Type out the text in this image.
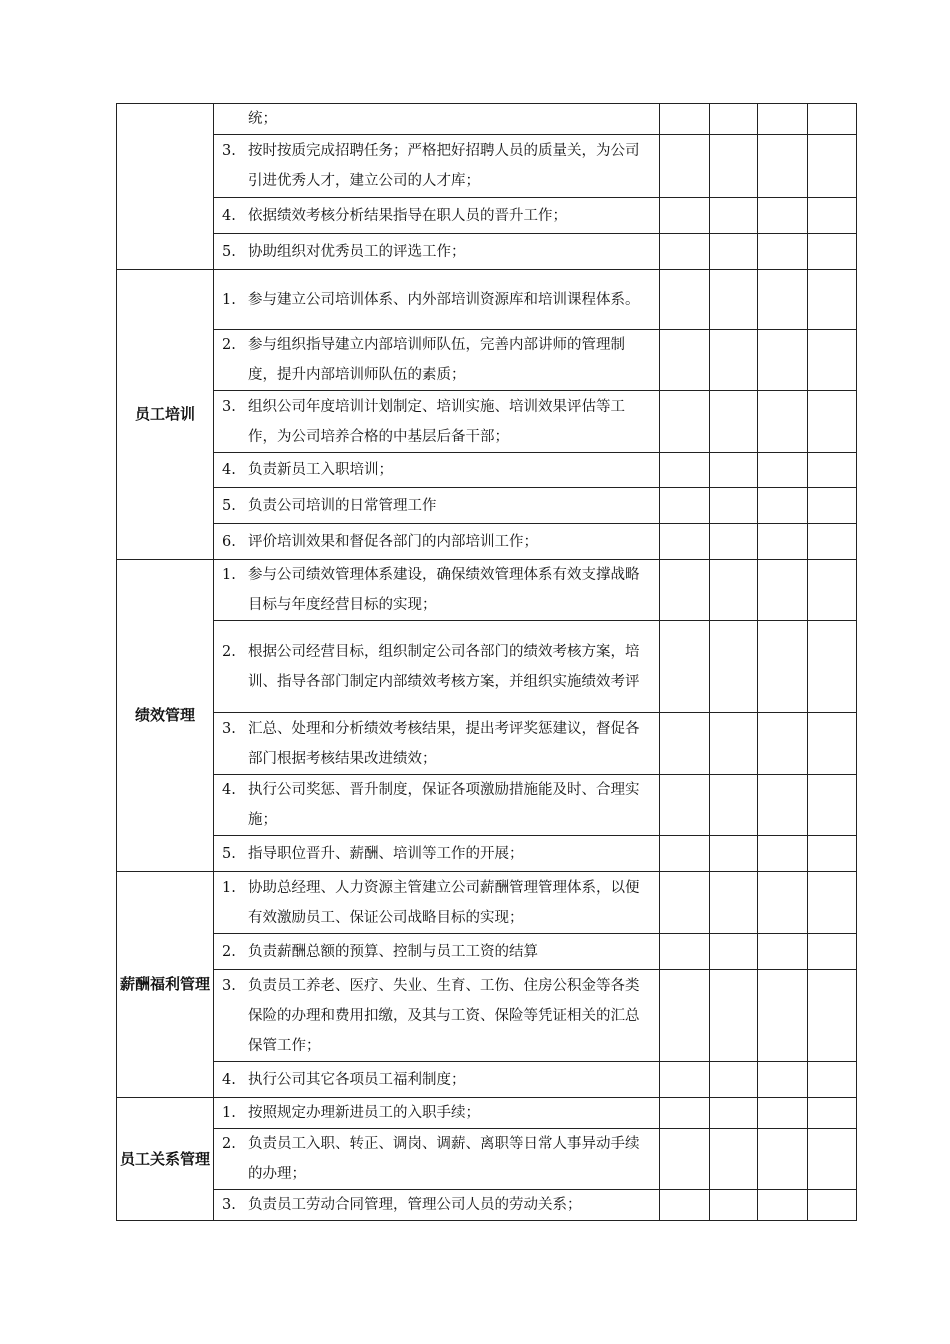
	统；				

	3. 按时按质完成招聘任务；严格把好招聘人员的质量关，为公司引进优秀人才，建立公司的人才库；				

	4. 依据绩效考核分析结果指导在职人员的晋升工作；				

	5. 协助组织对优秀员工的评选工作；				

员工培训	1. 参与建立公司培训体系、内外部培训资源库和培训课程体系。				

	2. 参与组织指导建立内部培训师队伍，完善内部讲师的管理制度，提升内部培训师队伍的素质；				

	3. 组织公司年度培训计划制定、培训实施、培训效果评估等工作，为公司培养合格的中基层后备干部；				

	4. 负责新员工入职培训；				

	5. 负责公司培训的日常管理工作				

	6. 评价培训效果和督促各部门的内部培训工作；				

绩效管理	1. 参与公司绩效管理体系建设，确保绩效管理体系有效支撑战略目标与年度经营目标的实现；				

	2. 根据公司经营目标，组织制定公司各部门的绩效考核方案，培训、指导各部门制定内部绩效考核方案，并组织实施绩效考评				

	3. 汇总、处理和分析绩效考核结果，提出考评奖惩建议，督促各部门根据考核结果改进绩效；				

	4. 执行公司奖惩、晋升制度，保证各项激励措施能及时、合理实施；				

	5. 指导职位晋升、薪酬、培训等工作的开展；				

薪酬福利管理	1. 协助总经理、人力资源主管建立公司薪酬管理管理体系，以便有效激励员工、保证公司战略目标的实现；				

	2. 负责薪酬总额的预算、控制与员工工资的结算				

	3. 负责员工养老、医疗、失业、生育、工伤、住房公积金等各类保险的办理和费用扣缴，及其与工资、保险等凭证相关的汇总保管工作；				

	4. 执行公司其它各项员工福利制度；				

员工关系管理	1. 按照规定办理新进员工的入职手续；				

	2. 负责员工入职、转正、调岗、调薪、离职等日常人事异动手续的办理；				

	3. 负责员工劳动合同管理，管理公司人员的劳动关系；				
